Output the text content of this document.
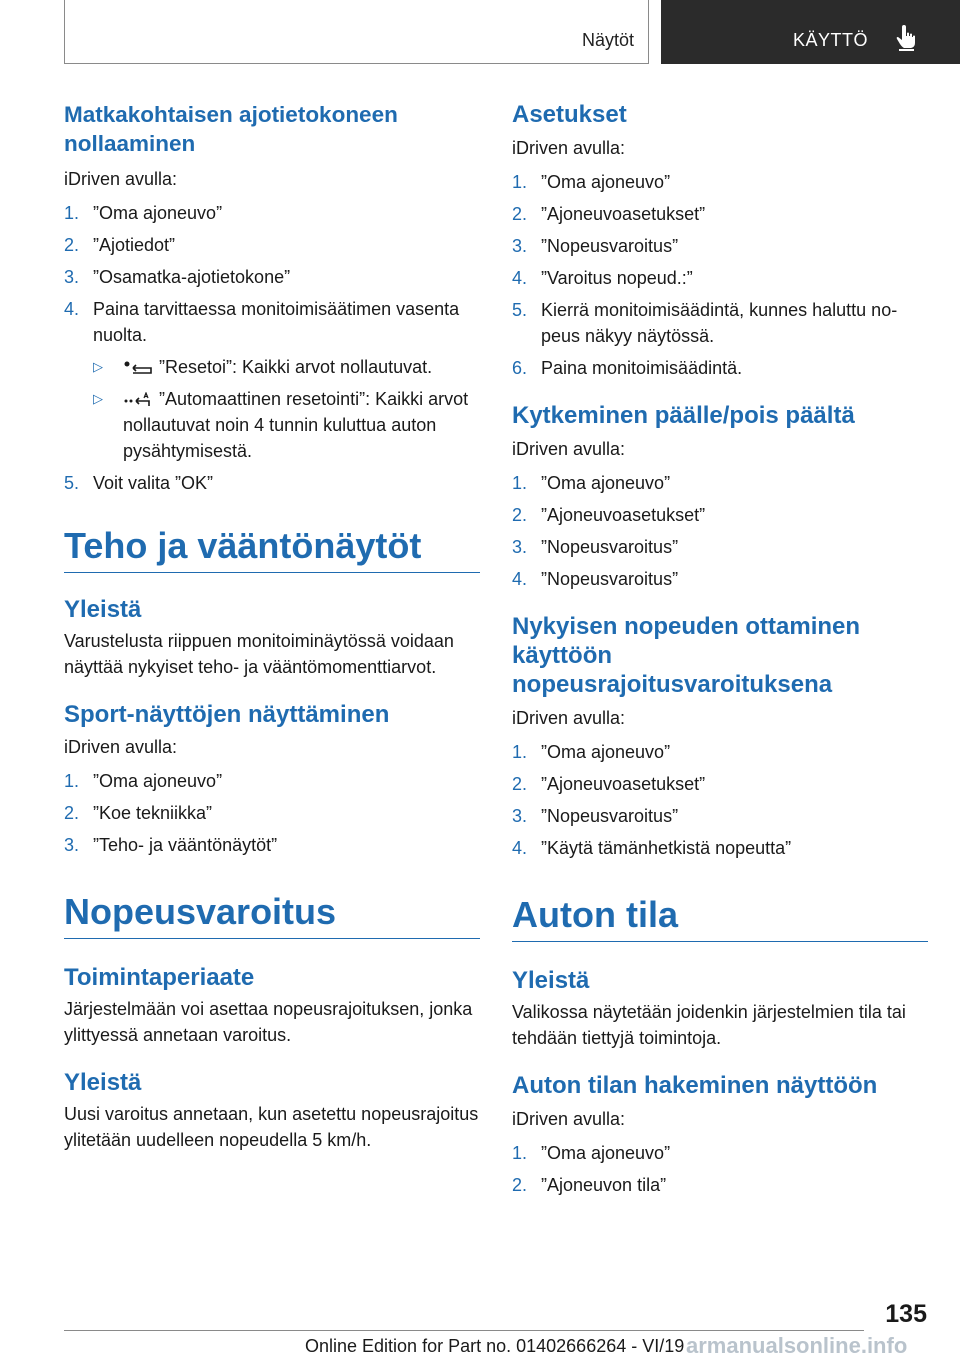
Näytöt	KÄYTTÖ
Matkakohtaisen ajotietokoneen nollaaminen

iDriven avulla:

1. ”Oma ajoneuvo”
2. ”Ajotiedot”
3. ”Osamatka-ajotietokone”
4. Paina tarvittaessa monitoimisäätimen vasenta nuolta.
▷	”Resetoi”: Kaikki arvot nollautuvat.
▷	”Automaattinen resetointi”: Kaikki arvot nollautuvat noin 4 tunnin kuluttua auton pysähtymisestä.
5. Voit valita ”OK”
Teho ja vääntönäytöt
Yleistä

Varustelusta riippuen monitoiminäytössä voidaan näyttää nykyiset teho- ja vääntömomenttiarvot.

Sport-näyttöjen näyttäminen

iDriven avulla:

1. ”Oma ajoneuvo”
2. ”Koe tekniikka”
3. ”Teho- ja vääntönäytöt”
Nopeusvaroitus
Toimintaperiaate

Järjestelmään voi asettaa nopeusrajoituksen, jonka ylittyessä annetaan varoitus.

Yleistä

Uusi varoitus annetaan, kun asetettu nopeusrajoitus ylitetään uudelleen nopeudella 5 km/h.

Asetukset

iDriven avulla:

1. ”Oma ajoneuvo”
2. ”Ajoneuvoasetukset”
3. ”Nopeusvaroitus”
4. ”Varoitus nopeud.:”
5. Kierrä monitoimisäädintä, kunnes haluttu nopeus näkyy näytössä.
6. Paina monitoimisäädintä.
Kytkeminen päälle/pois päältä

iDriven avulla:

1. ”Oma ajoneuvo”
2. ”Ajoneuvoasetukset”
3. ”Nopeusvaroitus”
4. ”Nopeusvaroitus”
Nykyisen nopeuden ottaminen käyttöön nopeusrajoitusvaroituksena

iDriven avulla:

1. ”Oma ajoneuvo”
2. ”Ajoneuvoasetukset”
3. ”Nopeusvaroitus”
4. ”Käytä tämänhetkistä nopeutta”
Auton tila
Yleistä

Valikossa näytetään joidenkin järjestelmien tila tai tehdään tiettyjä toimintoja.

Auton tilan hakeminen näyttöön

iDriven avulla:

1. ”Oma ajoneuvo”
2. ”Ajoneuvon tila”
135
Online Edition for Part no. 01402666264 - VI/19 armanualsonline.info
